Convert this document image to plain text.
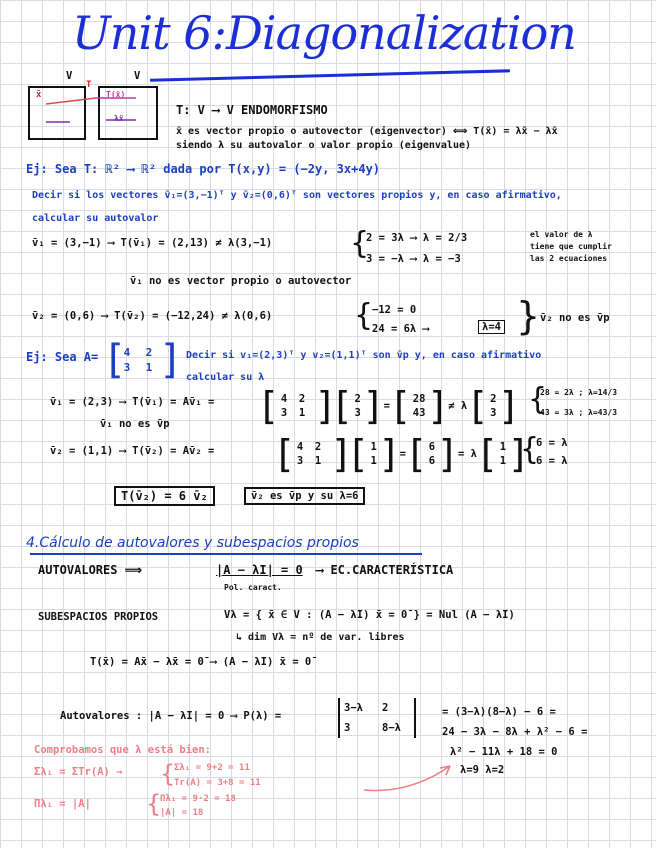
Unit 6:Diagonalization
V	V
x̄
T
T(x̄)
λx̄
T: V ⟶ V ENDOMORFISMO
x̄ es vector propio o autovector (eigenvector) ⟺ T(x̄) = λx̄ − λx̄
siendo λ su autovalor o valor propio (eigenvalue)
Ej: Sea T: ℝ² ⟶ ℝ² dada por T(x,y) = (−2y, 3x+4y)
Decir si los vectores v̄₁=(3,−1)ᵀ y v̄₂=(0,6)ᵀ son vectores propios y, en caso afirmativo,
calcular su autovalor
v̄₁ = (3,−1) ⟶ T(v̄₁) = (2,13) ≠ λ(3,−1)	{
2 = 3λ ⟶ λ = 2/3
3 = −λ ⟶ λ = −3
el valor de λ
tiene que cumplir
las 2 ecuaciones
v̄₁ no es vector propio o autovector
v̄₂ = (0,6) ⟶ T(v̄₂) = (−12,24) ≠ λ(0,6)	{
−12 = 0
24 = 6λ ⟶	λ=4 } v̄₂ no es v̄p
Ej: Sea A= [ 4	2
3	1 ] Decir si v₁=(2,3)ᵀ y v₂=(1,1)ᵀ son v̄p y, en caso afirmativo
calcular su λ
v̄₁ = (2,3) ⟶ T(v̄₁) = Av̄₁ = [ 4	2
3	1 ] [ 2
3 ] = [ 28
43 ] ≠ λ [ 2
3 ] {
28 = 2λ ; λ=14/3
43 = 3λ ; λ=43/3
v̄₁ no es v̄p
v̄₂ = (1,1) ⟶ T(v̄₂) = Av̄₂ = [ 4	2
3	1 ] [ 1
1 ] = [ 6
6 ] = λ [ 1
1 ]
{
6 = λ
6 = λ
T(v̄₂) = 6 v̄₂	v̄₂ es v̄p y su λ=6
4.Cálculo de autovalores y subespacios propios
AUTOVALORES ⟹	|A − λI| = 0 ⟶ EC.CARACTERÍSTICA
Pol. caract.
SUBESPACIOS PROPIOS	Vλ = { x̄ ∈ V : (A − λI) x̄ = 0̄ } = Nul (A − λI)
↳ dim Vλ = nº de var. libres
T(x̄) = Ax̄ − λx̄ = 0̄ ⟶ (A − λI) x̄ = 0̄
Autovalores : |A − λI| = 0 ⟶ P(λ) =
3−λ	2
3	8−λ
= (3−λ)(8−λ) − 6 =
24 − 3λ − 8λ + λ² − 6 =
λ² − 11λ + 18 = 0
λ=9 λ=2
Comprobamos que λ está bien:
Σλᵢ = ΣTr(A) → {
Σλᵢ = 9+2 = 11
Tr(A) = 3+8 = 11
Πλᵢ = |A| {
Πλᵢ = 9·2 = 18
|A| = 18
